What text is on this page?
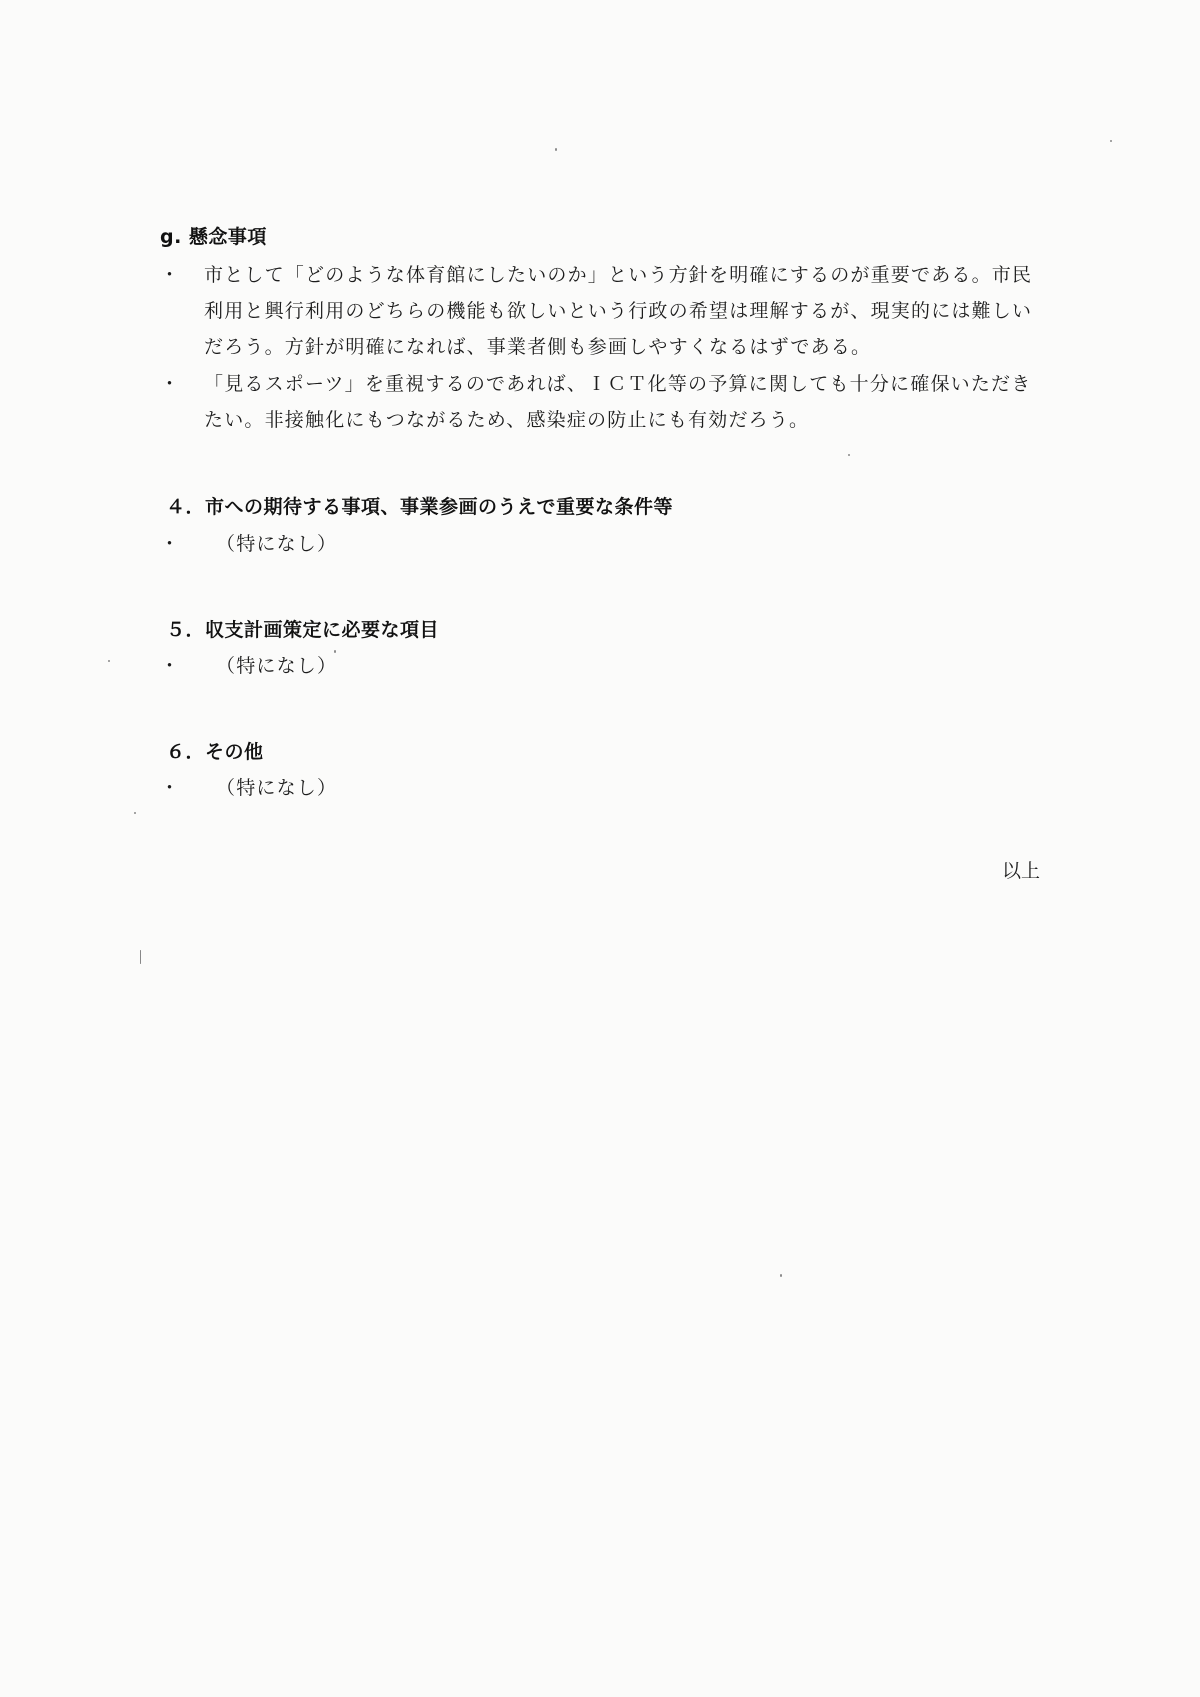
g. 懸念事項
・	市として「どのような体育館にしたいのか」という方針を明確にするのが重要である。市民利用と興行利用のどちらの機能も欲しいという行政の希望は理解するが、現実的には難しいだろう。方針が明確になれば、事業者側も参画しやすくなるはずである。
・	「見るスポーツ」を重視するのであれば、ＩＣＴ化等の予算に関しても十分に確保いただきたい。非接触化にもつながるため、感染症の防止にも有効だろう。
４．市への期待する事項、事業参画のうえで重要な条件等
・	（特になし）
５．収支計画策定に必要な項目
・	（特になし）
６．その他
・	（特になし）
以上
